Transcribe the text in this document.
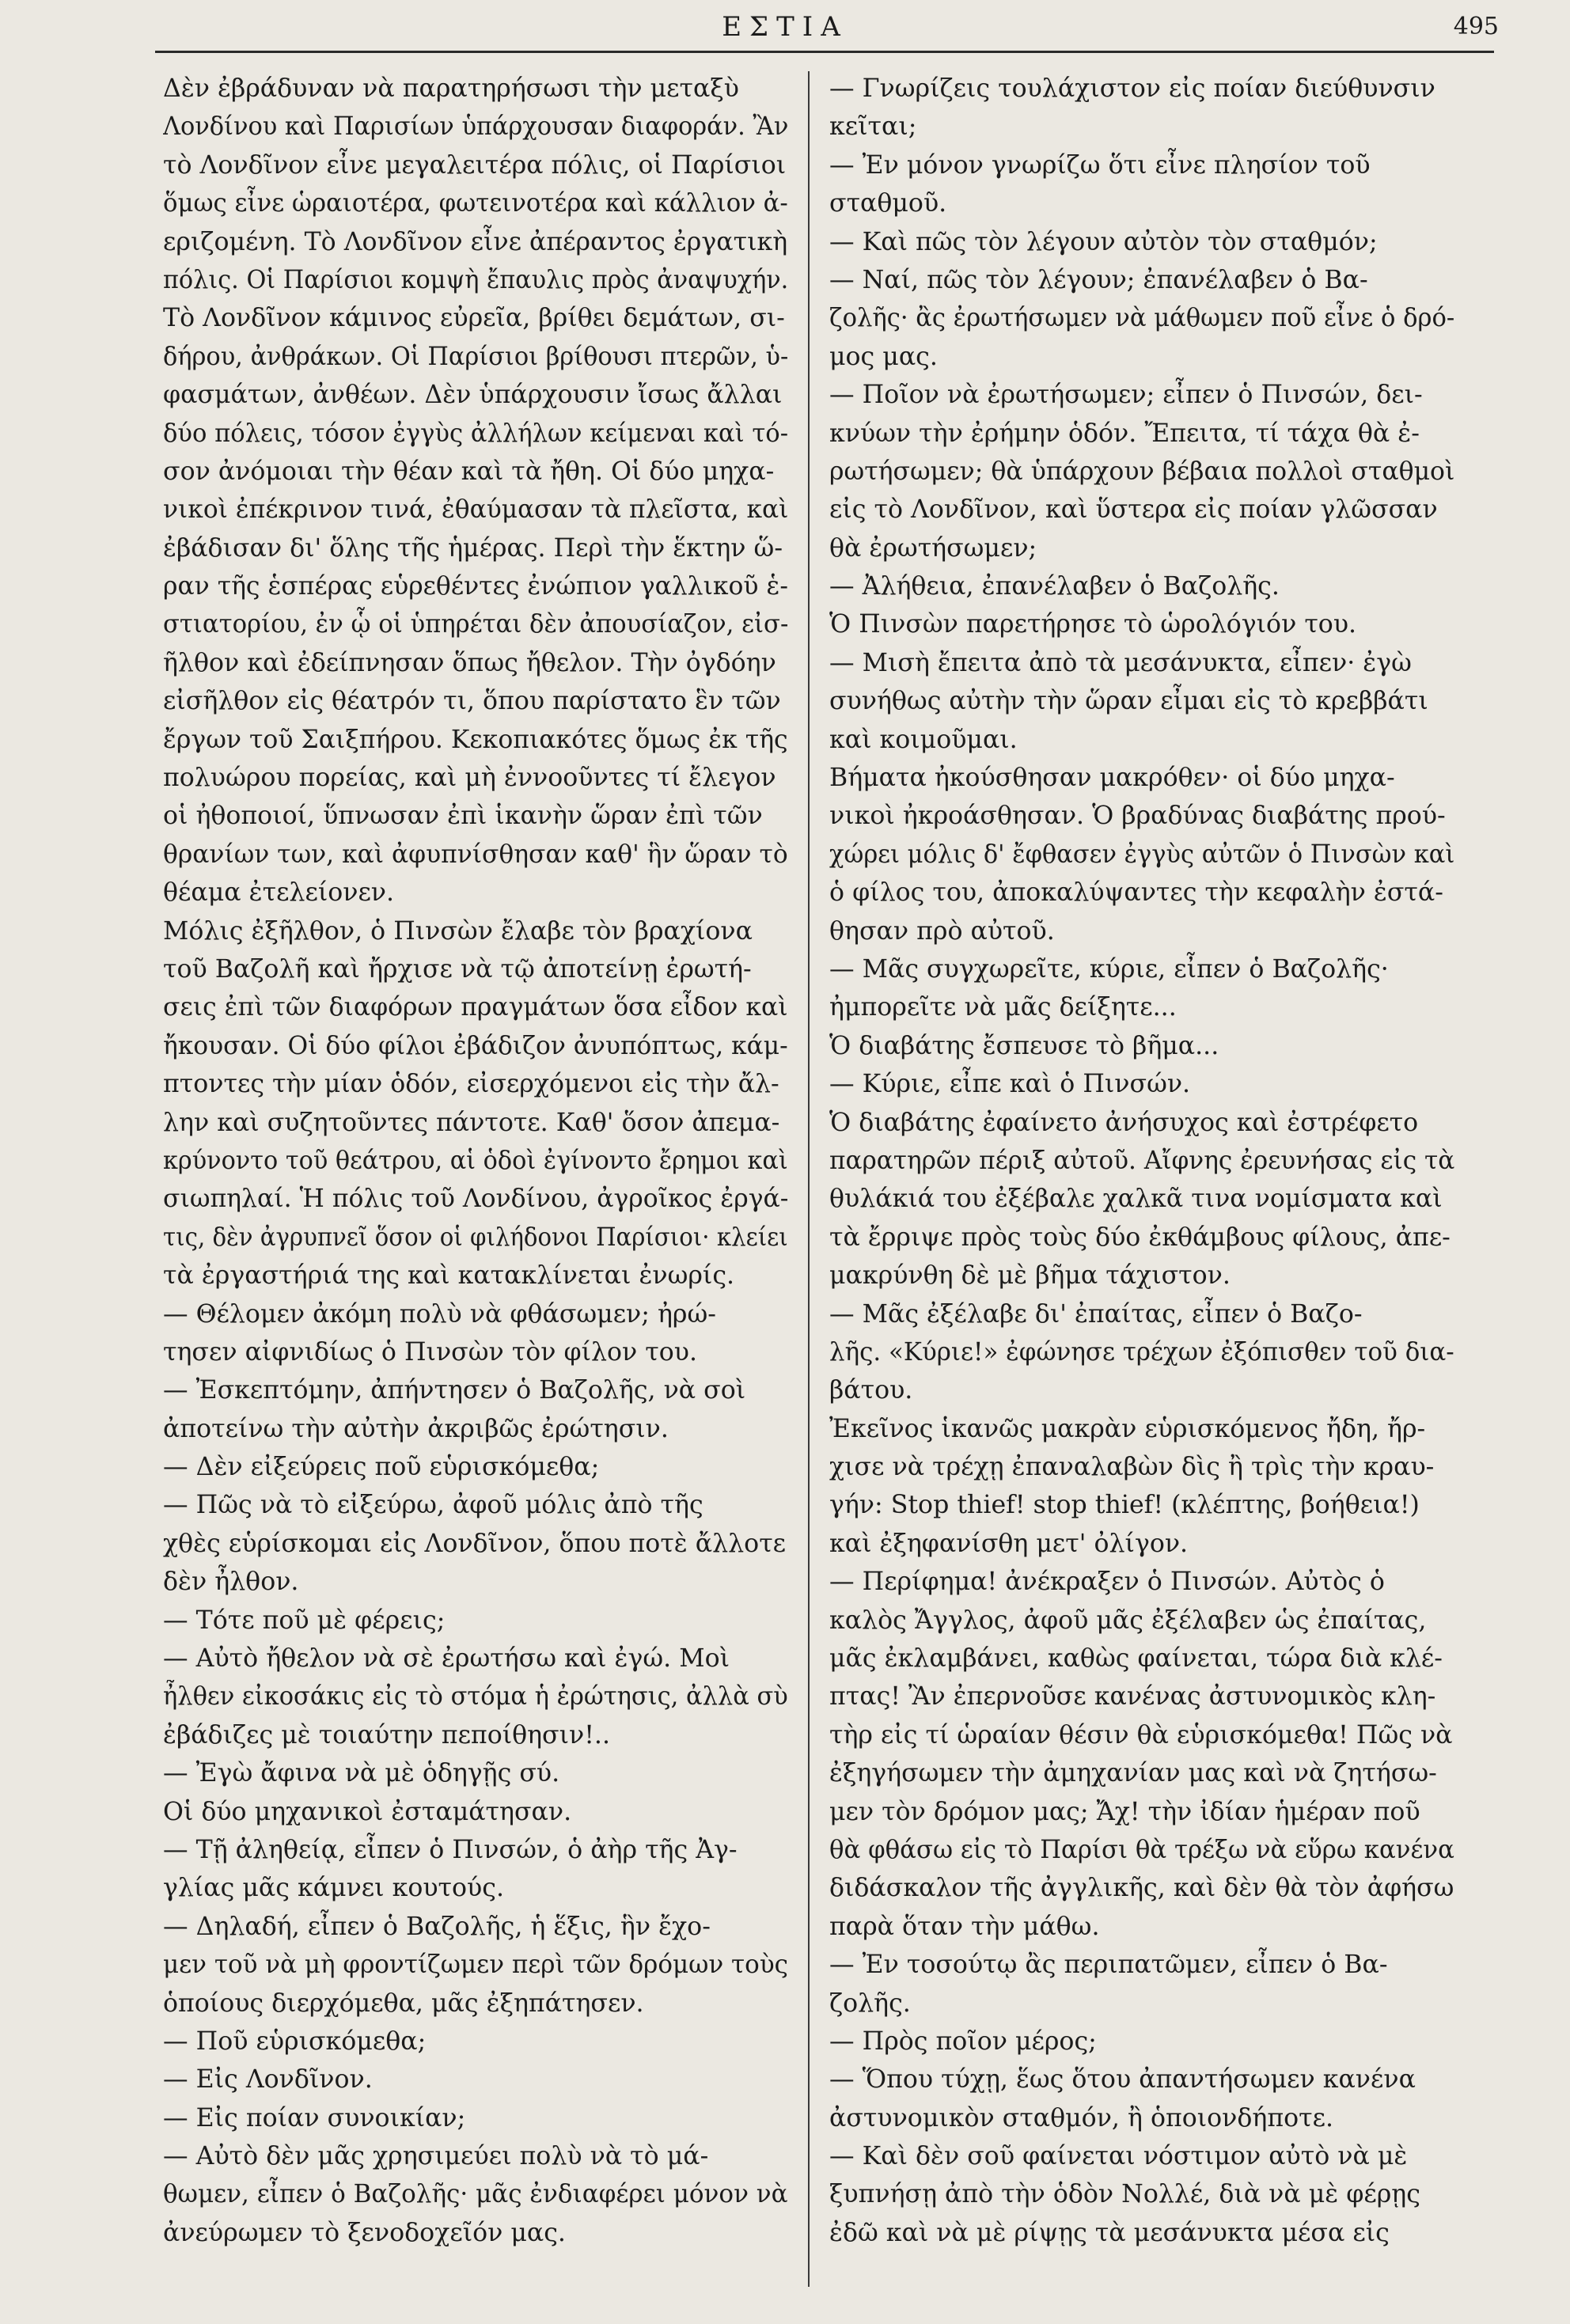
ΕΣΤΙΑ	495
Δὲν ἐβράδυναν νὰ παρατηρήσωσι τὴν μεταξὺ
Λονδίνου καὶ Παρισίων ὑπάρχουσαν διαφοράν. Ἂν
τὸ Λονδῖνον εἶνε μεγαλειτέρα πόλις, οἱ Παρίσιοι
ὅμως εἶνε ὡραιοτέρα, φωτεινοτέρα καὶ κάλλιον ἀ-
εριζομένη. Τὸ Λονδῖνον εἶνε ἀπέραντος ἐργατικὴ
πόλις. Οἱ Παρίσιοι κομψὴ ἔπαυλις πρὸς ἀναψυχήν.
Τὸ Λονδῖνον κάμινος εὐρεῖα, βρίθει δεμάτων, σι-
δήρου, ἀνθράκων. Οἱ Παρίσιοι βρίθουσι πτερῶν, ὑ-
φασμάτων, ἀνθέων. Δὲν ὑπάρχουσιν ἴσως ἄλλαι
δύο πόλεις, τόσον ἐγγὺς ἀλλήλων κείμεναι καὶ τό-
σον ἀνόμοιαι τὴν θέαν καὶ τὰ ἤθη. Οἱ δύο μηχα-
νικοὶ ἐπέκρινον τινά, ἐθαύμασαν τὰ πλεῖστα, καὶ
ἐβάδισαν δι' ὅλης τῆς ἡμέρας. Περὶ τὴν ἕκτην ὥ-
ραν τῆς ἑσπέρας εὑρεθέντες ἐνώπιον γαλλικοῦ ἑ-
στιατορίου, ἐν ᾧ οἱ ὑπηρέται δὲν ἀπουσίαζον, εἰσ-
ῆλθον καὶ ἐδείπνησαν ὅπως ἤθελον. Τὴν ὀγδόην
εἰσῆλθον εἰς θέατρόν τι, ὅπου παρίστατο ἓν τῶν
ἔργων τοῦ Σαιξπήρου. Κεκοπιακότες ὅμως ἐκ τῆς
πολυώρου πορείας, καὶ μὴ ἐννοοῦντες τί ἔλεγον
οἱ ἠθοποιοί, ὕπνωσαν ἐπὶ ἱκανὴν ὥραν ἐπὶ τῶν
θρανίων των, καὶ ἀφυπνίσθησαν καθ' ἣν ὥραν τὸ
θέαμα ἐτελείονεν.
Μόλις ἐξῆλθον, ὁ Πινσὼν ἔλαβε τὸν βραχίονα
τοῦ Βαζολῆ καὶ ἤρχισε νὰ τῷ ἀποτείνῃ ἐρωτή-
σεις ἐπὶ τῶν διαφόρων πραγμάτων ὅσα εἶδον καὶ
ἤκουσαν. Οἱ δύο φίλοι ἐβάδιζον ἀνυπόπτως, κάμ-
πτοντες τὴν μίαν ὁδόν, εἰσερχόμενοι εἰς τὴν ἄλ-
λην καὶ συζητοῦντες πάντοτε. Καθ' ὅσον ἀπεμα-
κρύνοντο τοῦ θεάτρου, αἱ ὁδοὶ ἐγίνοντο ἔρημοι καὶ
σιωπηλαί. Ἡ πόλις τοῦ Λονδίνου, ἀγροῖκος ἐργά-
τις, δὲν ἀγρυπνεῖ ὅσον οἱ φιλήδονοι Παρίσιοι· κλείει
τὰ ἐργαστήριά της καὶ κατακλίνεται ἐνωρίς.
— Θέλομεν ἀκόμη πολὺ νὰ φθάσωμεν; ἠρώ-
τησεν αἰφνιδίως ὁ Πινσὼν τὸν φίλον του.
— Ἐσκεπτόμην, ἀπήντησεν ὁ Βαζολῆς, νὰ σοὶ
ἀποτείνω τὴν αὐτὴν ἀκριβῶς ἐρώτησιν.
— Δὲν εἰξεύρεις ποῦ εὑρισκόμεθα;
— Πῶς νὰ τὸ εἰξεύρω, ἀφοῦ μόλις ἀπὸ τῆς
χθὲς εὑρίσκομαι εἰς Λονδῖνον, ὅπου ποτὲ ἄλλοτε
δὲν ἦλθον.
— Τότε ποῦ μὲ φέρεις;
— Αὐτὸ ἤθελον νὰ σὲ ἐρωτήσω καὶ ἐγώ. Μοὶ
ἦλθεν εἰκοσάκις εἰς τὸ στόμα ἡ ἐρώτησις, ἀλλὰ σὺ
ἐβάδιζες μὲ τοιαύτην πεποίθησιν!..
— Ἐγὼ ἄφινα νὰ μὲ ὁδηγῇς σύ.
Οἱ δύο μηχανικοὶ ἐσταμάτησαν.
— Τῇ ἀληθείᾳ, εἶπεν ὁ Πινσών, ὁ ἀὴρ τῆς Ἀγ-
γλίας μᾶς κάμνει κουτούς.
— Δηλαδή, εἶπεν ὁ Βαζολῆς, ἡ ἕξις, ἣν ἔχο-
μεν τοῦ νὰ μὴ φροντίζωμεν περὶ τῶν δρόμων τοὺς
ὁποίους διερχόμεθα, μᾶς ἐξηπάτησεν.
— Ποῦ εὑρισκόμεθα;
— Εἰς Λονδῖνον.
— Εἰς ποίαν συνοικίαν;
— Αὐτὸ δὲν μᾶς χρησιμεύει πολὺ νὰ τὸ μά-
θωμεν, εἶπεν ὁ Βαζολῆς· μᾶς ἐνδιαφέρει μόνον νὰ
ἀνεύρωμεν τὸ ξενοδοχεῖόν μας.
— Γνωρίζεις τουλάχιστον εἰς ποίαν διεύθυνσιν
κεῖται;
— Ἐν μόνον γνωρίζω ὅτι εἶνε πλησίον τοῦ
σταθμοῦ.
— Καὶ πῶς τὸν λέγουν αὐτὸν τὸν σταθμόν;
— Ναί, πῶς τὸν λέγουν; ἐπανέλαβεν ὁ Βα-
ζολῆς· ἂς ἐρωτήσωμεν νὰ μάθωμεν ποῦ εἶνε ὁ δρό-
μος μας.
— Ποῖον νὰ ἐρωτήσωμεν; εἶπεν ὁ Πινσών, δει-
κνύων τὴν ἐρήμην ὁδόν. Ἔπειτα, τί τάχα θὰ ἐ-
ρωτήσωμεν; θὰ ὑπάρχουν βέβαια πολλοὶ σταθμοὶ
εἰς τὸ Λονδῖνον, καὶ ὕστερα εἰς ποίαν γλῶσσαν
θὰ ἐρωτήσωμεν;
— Ἀλήθεια, ἐπανέλαβεν ὁ Βαζολῆς.
Ὁ Πινσὼν παρετήρησε τὸ ὡρολόγιόν του.
— Μισὴ ἔπειτα ἀπὸ τὰ μεσάνυκτα, εἶπεν· ἐγὼ
συνήθως αὐτὴν τὴν ὥραν εἶμαι εἰς τὸ κρεββάτι
καὶ κοιμοῦμαι.
Βήματα ἠκούσθησαν μακρόθεν· οἱ δύο μηχα-
νικοὶ ἠκροάσθησαν. Ὁ βραδύνας διαβάτης πρού-
χώρει μόλις δ' ἔφθασεν ἐγγὺς αὐτῶν ὁ Πινσὼν καὶ
ὁ φίλος του, ἀποκαλύψαντες τὴν κεφαλὴν ἐστά-
θησαν πρὸ αὐτοῦ.
— Μᾶς συγχωρεῖτε, κύριε, εἶπεν ὁ Βαζολῆς·
ἠμπορεῖτε νὰ μᾶς δείξητε...
Ὁ διαβάτης ἔσπευσε τὸ βῆμα...
— Κύριε, εἶπε καὶ ὁ Πινσών.
Ὁ διαβάτης ἐφαίνετο ἀνήσυχος καὶ ἐστρέφετο
παρατηρῶν πέριξ αὐτοῦ. Αἴφνης ἐρευνήσας εἰς τὰ
θυλάκιά του ἐξέβαλε χαλκᾶ τινα νομίσματα καὶ
τὰ ἔρριψε πρὸς τοὺς δύο ἐκθάμβους φίλους, ἀπε-
μακρύνθη δὲ μὲ βῆμα τάχιστον.
— Μᾶς ἐξέλαβε δι' ἐπαίτας, εἶπεν ὁ Βαζο-
λῆς. «Κύριε!» ἐφώνησε τρέχων ἐξόπισθεν τοῦ δια-
βάτου.
Ἐκεῖνος ἱκανῶς μακρὰν εὑρισκόμενος ἤδη, ἤρ-
χισε νὰ τρέχῃ ἐπαναλαβὼν δὶς ἢ τρὶς τὴν κραυ-
γήν: Stop thief! stop thief! (κλέπτης, βοήθεια!)
καὶ ἐξηφανίσθη μετ' ὀλίγον.
— Περίφημα! ἀνέκραξεν ὁ Πινσών. Αὐτὸς ὁ
καλὸς Ἄγγλος, ἀφοῦ μᾶς ἐξέλαβεν ὡς ἐπαίτας,
μᾶς ἐκλαμβάνει, καθὼς φαίνεται, τώρα διὰ κλέ-
πτας! Ἂν ἐπερνοῦσε κανένας ἀστυνομικὸς κλη-
τὴρ εἰς τί ὡραίαν θέσιν θὰ εὑρισκόμεθα! Πῶς νὰ
ἐξηγήσωμεν τὴν ἀμηχανίαν μας καὶ νὰ ζητήσω-
μεν τὸν δρόμον μας; Ἄχ! τὴν ἰδίαν ἡμέραν ποῦ
θὰ φθάσω εἰς τὸ Παρίσι θὰ τρέξω νὰ εὕρω κανένα
διδάσκαλον τῆς ἀγγλικῆς, καὶ δὲν θὰ τὸν ἀφήσω
παρὰ ὅταν τὴν μάθω.
— Ἐν τοσούτῳ ἂς περιπατῶμεν, εἶπεν ὁ Βα-
ζολῆς.
— Πρὸς ποῖον μέρος;
— Ὅπου τύχῃ, ἕως ὅτου ἀπαντήσωμεν κανένα
ἀστυνομικὸν σταθμόν, ἢ ὁποιονδήποτε.
— Καὶ δὲν σοῦ φαίνεται νόστιμον αὐτὸ νὰ μὲ
ξυπνήσῃ ἀπὸ τὴν ὁδὸν Νολλέ, διὰ νὰ μὲ φέρῃς
ἐδῶ καὶ νὰ μὲ ρίψῃς τὰ μεσάνυκτα μέσα εἰς
